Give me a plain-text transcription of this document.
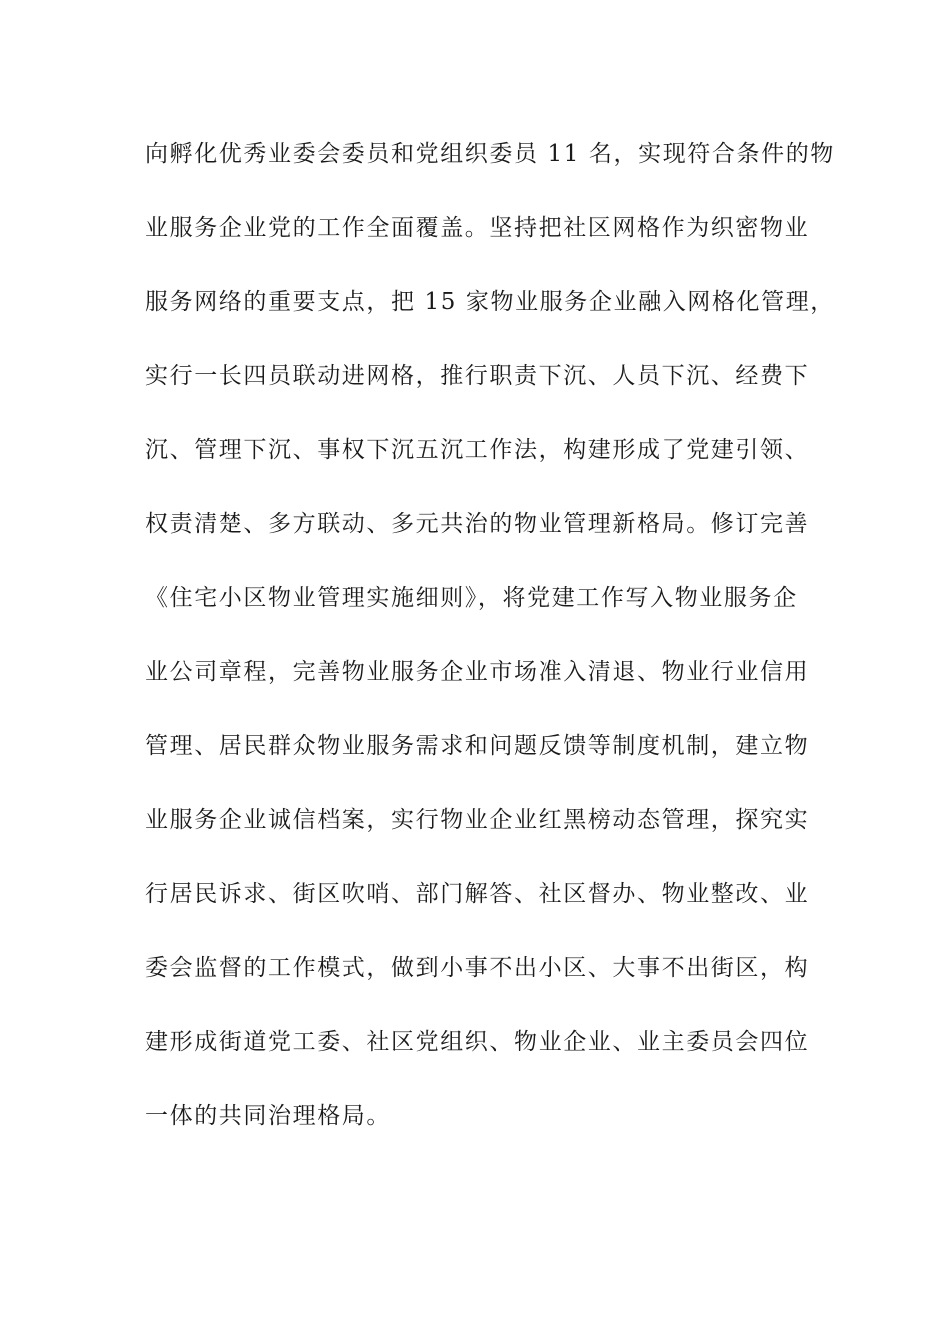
向孵化优秀业委会委员和党组织委员 11 名，实现符合条件的物
业服务企业党的工作全面覆盖。坚持把社区网格作为织密物业
服务网络的重要支点，把 15 家物业服务企业融入网格化管理，
实行一长四员联动进网格，推行职责下沉、人员下沉、经费下
沉、管理下沉、事权下沉五沉工作法，构建形成了党建引领、
权责清楚、多方联动、多元共治的物业管理新格局。修订完善
《住宅小区物业管理实施细则》，将党建工作写入物业服务企
业公司章程，完善物业服务企业市场准入清退、物业行业信用
管理、居民群众物业服务需求和问题反馈等制度机制，建立物
业服务企业诚信档案，实行物业企业红黑榜动态管理，探究实
行居民诉求、街区吹哨、部门解答、社区督办、物业整改、业
委会监督的工作模式，做到小事不出小区、大事不出街区，构
建形成街道党工委、社区党组织、物业企业、业主委员会四位
一体的共同治理格局。
